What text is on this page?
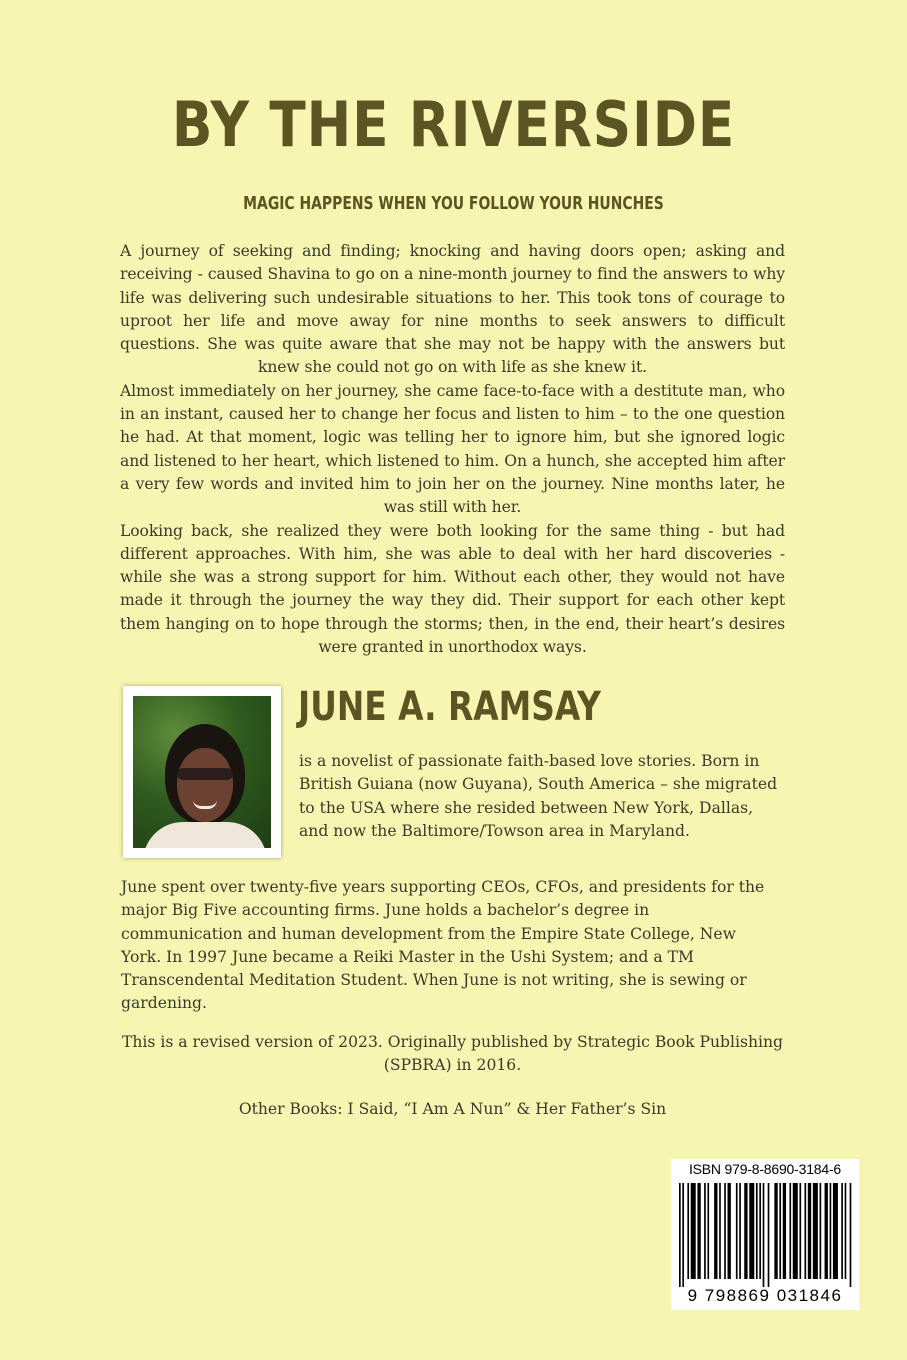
BY THE RIVERSIDE
MAGIC HAPPENS WHEN YOU FOLLOW YOUR HUNCHES

A journey of seeking and finding; knocking and having doors open; asking and receiving - caused Shavina to go on a nine-month journey to find the answers to why life was delivering such undesirable situations to her. This took tons of courage to uproot her life and move away for nine months to seek answers to difficult questions. She was quite aware that she may not be happy with the answers but knew she could not go on with life as she knew it.

Almost immediately on her journey, she came face-to-face with a destitute man, who in an instant, caused her to change her focus and listen to him – to the one question he had. At that moment, logic was telling her to ignore him, but she ignored logic and listened to her heart, which listened to him. On a hunch, she accepted him after a very few words and invited him to join her on the journey. Nine months later, he was still with her.

Looking back, she realized they were both looking for the same thing - but had different approaches. With him, she was able to deal with her hard discoveries - while she was a strong support for him. Without each other, they would not have made it through the journey the way they did. Their support for each other kept them hanging on to hope through the storms; then, in the end, their heart’s desires were granted in unorthodox ways.

JUNE A. RAMSAY

is a novelist of passionate faith-based love stories. Born in British Guiana (now Guyana), South America – she migrated to the USA where she resided between New York, Dallas, and now the Baltimore/Towson area in Maryland.

June spent over twenty-five years supporting CEOs, CFOs, and presidents for the major Big Five accounting firms. June holds a bachelor’s degree in communication and human development from the Empire State College, New York. In 1997 June became a Reiki Master in the Ushi System; and a TM Transcendental Meditation Student. When June is not writing, she is sewing or gardening.

This is a revised version of 2023. Originally published by Strategic Book Publishing (SPBRA) in 2016.

Other Books: I Said, “I Am A Nun” & Her Father’s Sin

ISBN 979-8-8690-3184-6
9 798869 031846
